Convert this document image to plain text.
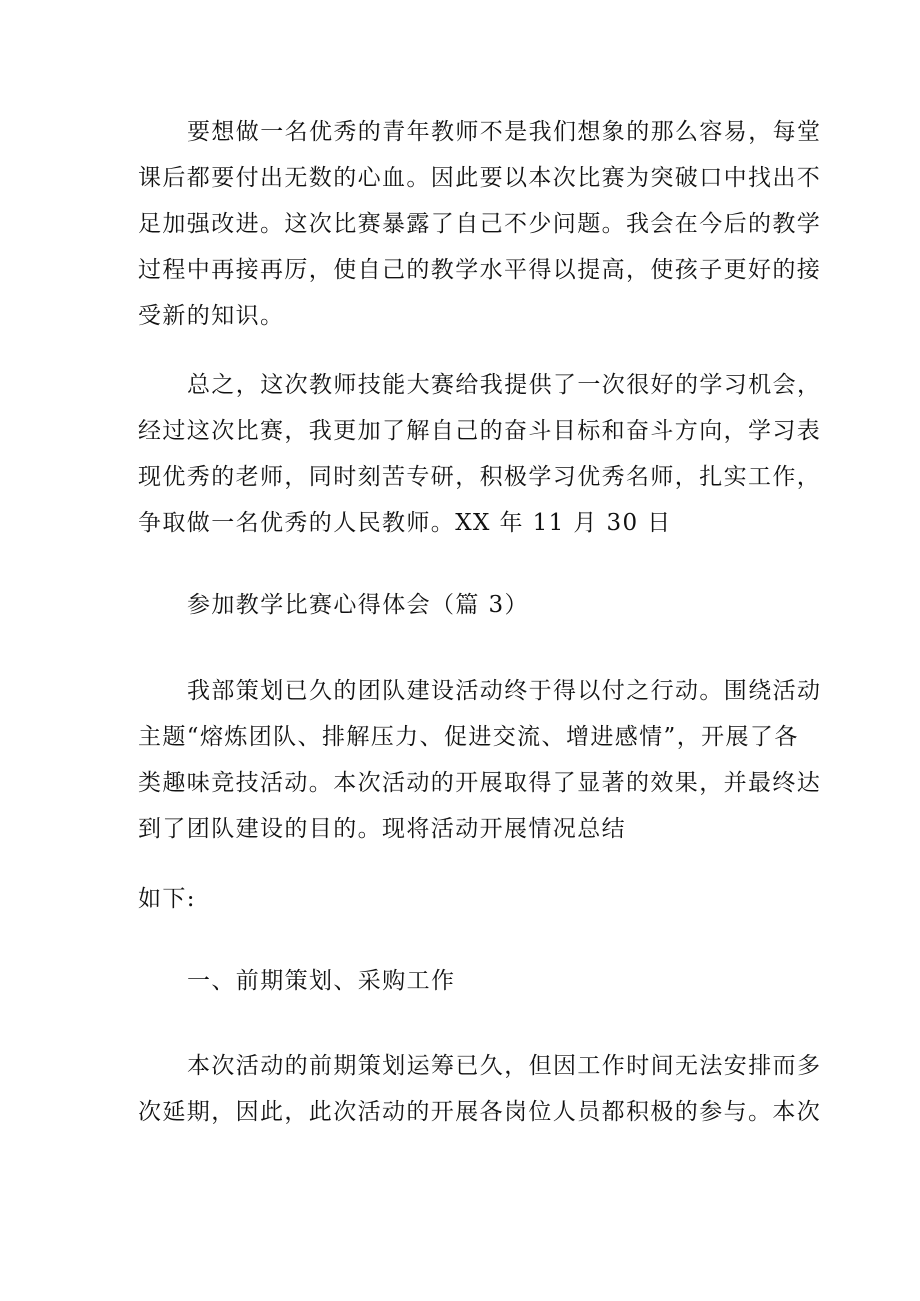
要想做一名优秀的青年教师不是我们想象的那么容易，每堂
课后都要付出无数的心血。因此要以本次比赛为突破口中找出不
足加强改进。这次比赛暴露了自己不少问题。我会在今后的教学
过程中再接再厉，使自己的教学水平得以提高，使孩子更好的接
受新的知识。
总之，这次教师技能大赛给我提供了一次很好的学习机会，
经过这次比赛，我更加了解自己的奋斗目标和奋斗方向，学习表
现优秀的老师，同时刻苦专研，积极学习优秀名师，扎实工作，
争取做一名优秀的人民教师。XX 年 11 月 30 日
参加教学比赛心得体会（篇 3）
我部策划已久的团队建设活动终于得以付之行动。围绕活动
主题“熔炼团队、排解压力、促进交流、增进感情”，开展了各
类趣味竞技活动。本次活动的开展取得了显著的效果，并最终达
到了团队建设的目的。现将活动开展情况总结
如下:
一、前期策划、采购工作
本次活动的前期策划运筹已久，但因工作时间无法安排而多
次延期，因此，此次活动的开展各岗位人员都积极的参与。本次
